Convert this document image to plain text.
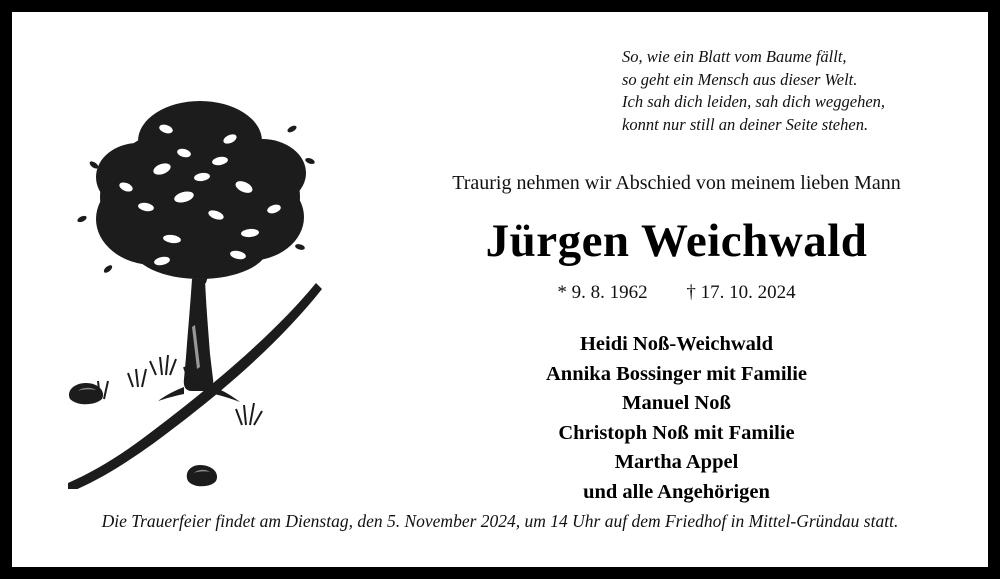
So, wie ein Blatt vom Baume fällt,
so geht ein Mensch aus dieser Welt.
Ich sah dich leiden, sah dich weggehen,
konnt nur still an deiner Seite stehen.
Traurig nehmen wir Abschied von meinem lieben Mann
Jürgen Weichwald
* 9. 8. 1962 † 17. 10. 2024
Heidi Noß-Weichwald
Annika Bossinger mit Familie
Manuel Noß
Christoph Noß mit Familie
Martha Appel
und alle Angehörigen
Die Trauerfeier findet am Dienstag, den 5. November 2024, um 14 Uhr auf dem Friedhof in Mittel-Gründau statt.
